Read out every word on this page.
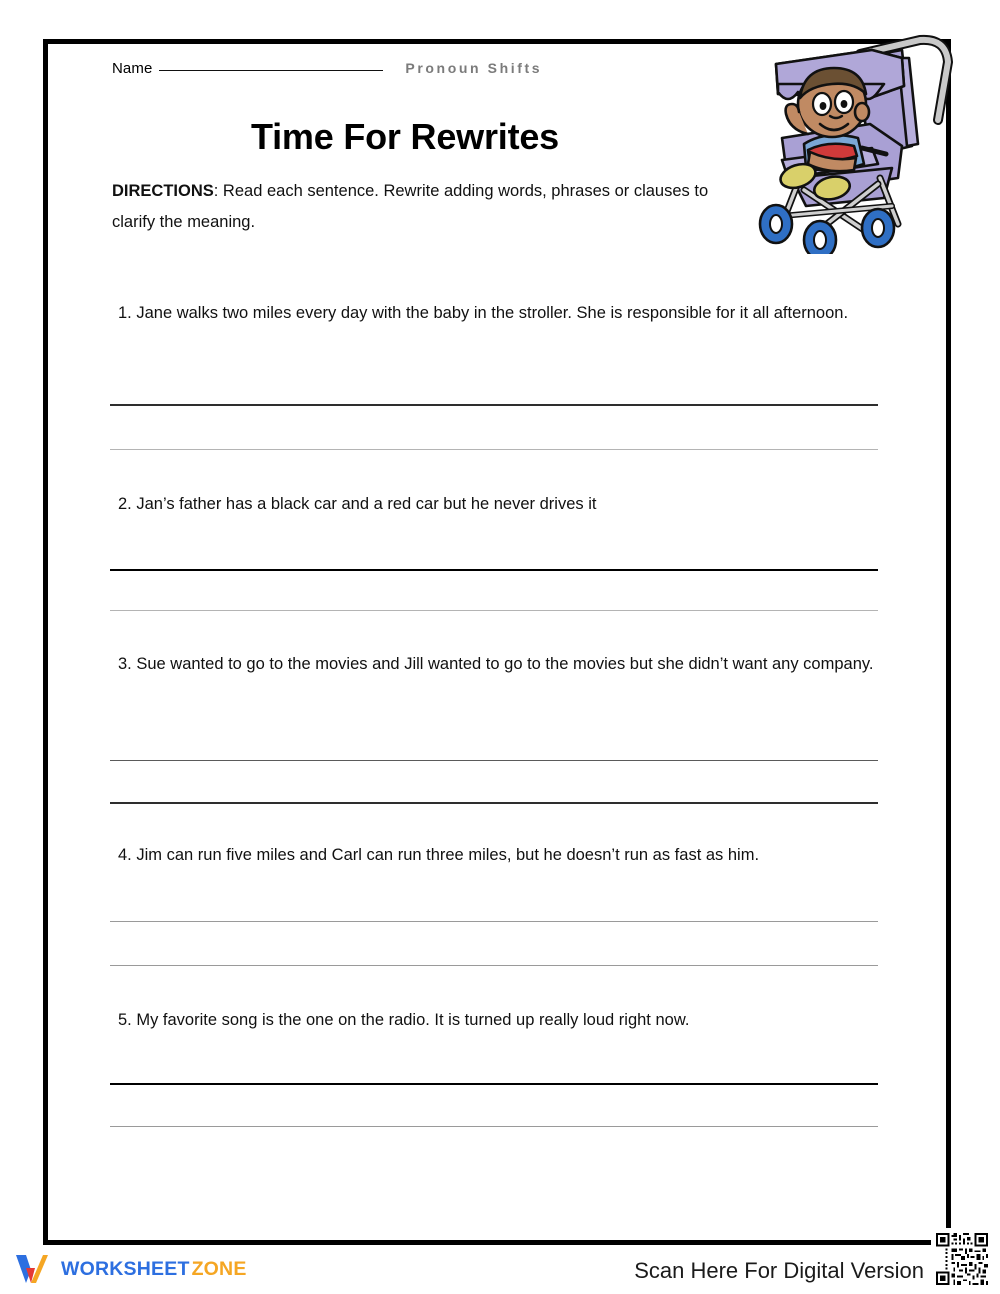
Name	Pronoun Shifts
Time For Rewrites
DIRECTIONS: Read each sentence. Rewrite adding words, phrases or clauses to clarify the meaning.
1. Jane walks two miles every day with the baby in the stroller. She is responsible for it all afternoon.
2. Jan’s father has a black car and a red car but he never drives it
3. Sue wanted to go to the movies and Jill wanted to go to the movies but she didn’t want any company.
4. Jim can run five miles and Carl can run three miles, but he doesn’t run as fast as him.
5. My favorite song is the one on the radio. It is turned up really loud right now.
WORKSHEET ZONE	Scan Here For Digital Version
